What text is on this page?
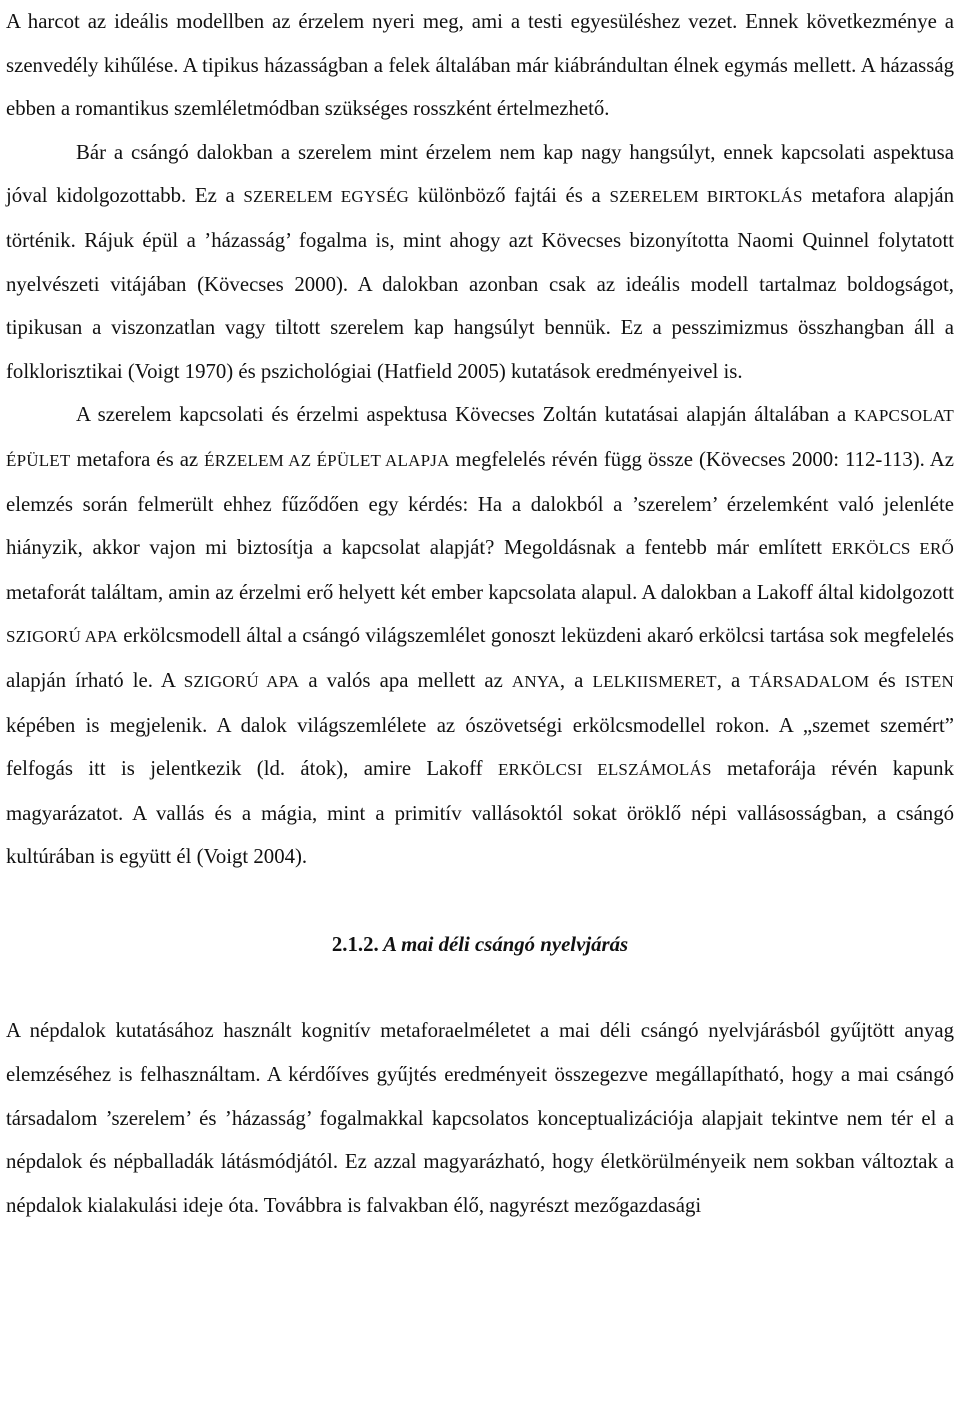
A harcot az ideális modellben az érzelem nyeri meg, ami a testi egyesüléshez vezet. Ennek következménye a szenvedély kihűlése. A tipikus házasságban a felek általában már kiábrándultan élnek egymás mellett. A házasság ebben a romantikus szemléletmódban szükséges rosszként értelmezhető.

Bár a csángó dalokban a szerelem mint érzelem nem kap nagy hangsúlyt, ennek kapcsolati aspektusa jóval kidolgozottabb. Ez a SZERELEM EGYSÉG különböző fajtái és a SZERELEM BIRTOKLÁS metafora alapján történik. Rájuk épül a ’házasság’ fogalma is, mint ahogy azt Kövecses bizonyította Naomi Quinnel folytatott nyelvészeti vitájában (Kövecses 2000). A dalokban azonban csak az ideális modell tartalmaz boldogságot, tipikusan a viszonzatlan vagy tiltott szerelem kap hangsúlyt bennük. Ez a pesszimizmus összhangban áll a folklorisztikai (Voigt 1970) és pszichológiai (Hatfield 2005) kutatások eredményeivel is.

A szerelem kapcsolati és érzelmi aspektusa Kövecses Zoltán kutatásai alapján általában a KAPCSOLAT ÉPÜLET metafora és az ÉRZELEM AZ ÉPÜLET ALAPJA megfelelés révén függ össze (Kövecses 2000: 112-113). Az elemzés során felmerült ehhez fűződően egy kérdés: Ha a dalokból a ’szerelem’ érzelemként való jelenléte hiányzik, akkor vajon mi biztosítja a kapcsolat alapját? Megoldásnak a fentebb már említett ERKÖLCS ERŐ metaforát találtam, amin az érzelmi erő helyett két ember kapcsolata alapul. A dalokban a Lakoff által kidolgozott SZIGORÚ APA erkölcsmodell által a csángó világszemlélet gonoszt leküzdeni akaró erkölcsi tartása sok megfelelés alapján írható le. A SZIGORÚ APA a valós apa mellett az ANYA, a LELKIISMERET, a TÁRSADALOM és ISTEN képében is megjelenik. A dalok világszemlélete az ószövetségi erkölcsmodellel rokon. A „szemet szemért” felfogás itt is jelentkezik (ld. átok), amire Lakoff ERKÖLCSI ELSZÁMOLÁS metaforája révén kapunk magyarázatot. A vallás és a mágia, mint a primitív vallásoktól sokat öröklő népi vallásosságban, a csángó kultúrában is együtt él (Voigt 2004).

2.1.2. A mai déli csángó nyelvjárás

A népdalok kutatásához használt kognitív metaforaelméletet a mai déli csángó nyelvjárásból gyűjtött anyag elemzéséhez is felhasználtam. A kérdőíves gyűjtés eredményeit összegezve megállapítható, hogy a mai csángó társadalom ’szerelem’ és ’házasság’ fogalmakkal kapcsolatos konceptualizációja alapjait tekintve nem tér el a népdalok és népballadák látásmódjától. Ez azzal magyarázható, hogy életkörülményeik nem sokban változtak a népdalok kialakulási ideje óta. Továbbra is falvakban élő, nagyrészt mezőgazdasági
